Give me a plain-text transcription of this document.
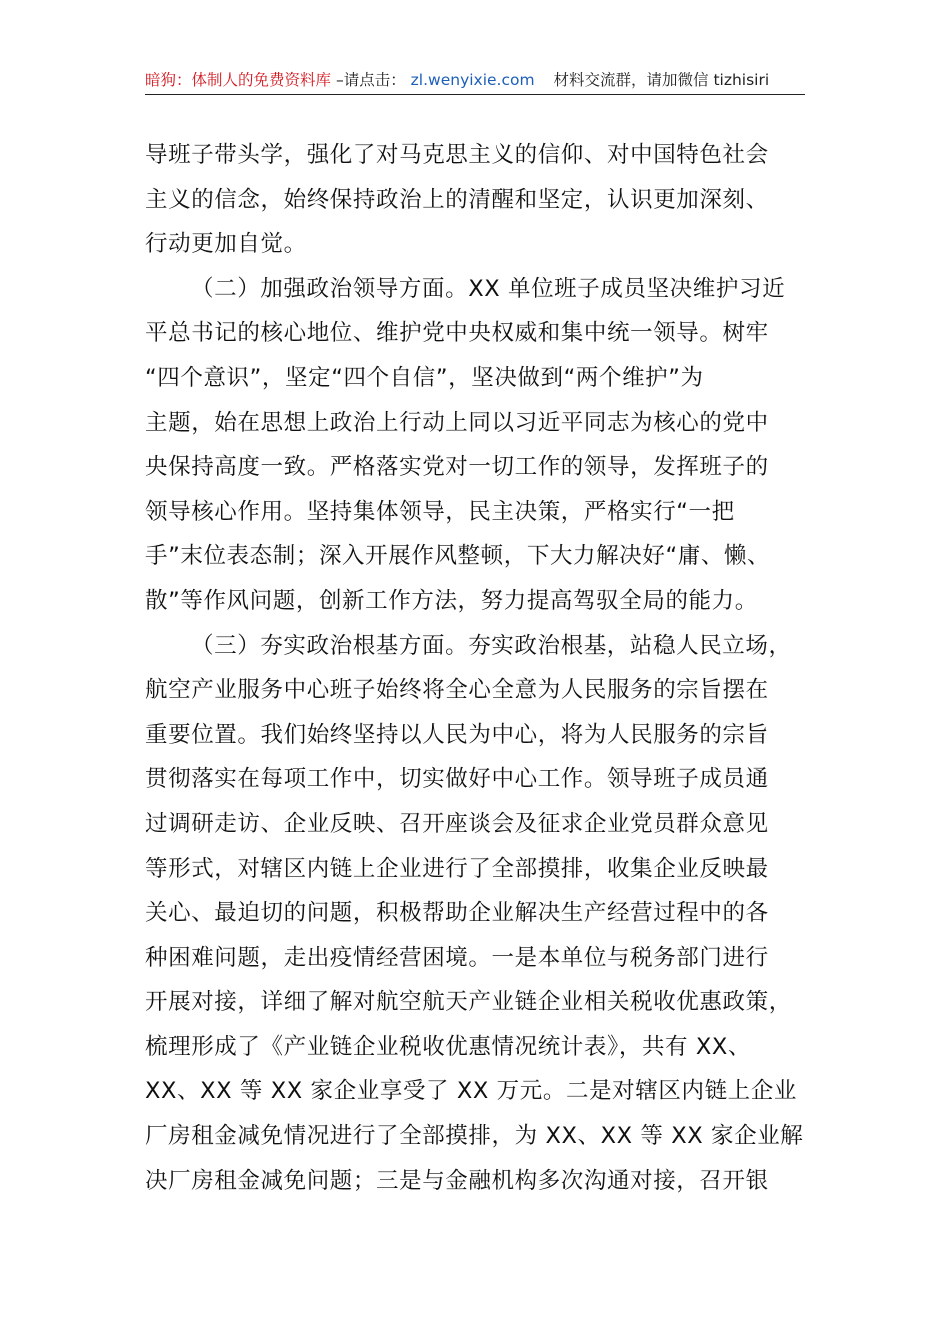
暗狗：体制人的免费资料库 –请点击： zl.wenyixie.com 材料交流群，请加微信 tizhisiri
导班子带头学，强化了对马克思主义的信仰、对中国特色社会
主义的信念，始终保持政治上的清醒和坚定，认识更加深刻、
行动更加自觉。
（二）加强政治领导方面。XX 单位班子成员坚决维护习近
平总书记的核心地位、维护党中央权威和集中统一领导。树牢
“四个意识”，坚定“四个自信”，坚决做到“两个维护”为
主题，始在思想上政治上行动上同以习近平同志为核心的党中
央保持高度一致。严格落实党对一切工作的领导，发挥班子的
领导核心作用。坚持集体领导，民主决策，严格实行“一把
手”末位表态制；深入开展作风整顿，下大力解决好“庸、懒、
散”等作风问题，创新工作方法，努力提高驾驭全局的能力。
（三）夯实政治根基方面。夯实政治根基，站稳人民立场，
航空产业服务中心班子始终将全心全意为人民服务的宗旨摆在
重要位置。我们始终坚持以人民为中心，将为人民服务的宗旨
贯彻落实在每项工作中，切实做好中心工作。领导班子成员通
过调研走访、企业反映、召开座谈会及征求企业党员群众意见
等形式，对辖区内链上企业进行了全部摸排，收集企业反映最
关心、最迫切的问题，积极帮助企业解决生产经营过程中的各
种困难问题，走出疫情经营困境。一是本单位与税务部门进行
开展对接，详细了解对航空航天产业链企业相关税收优惠政策，
梳理形成了《产业链企业税收优惠情况统计表》，共有 XX、
XX、XX 等 XX 家企业享受了 XX 万元。二是对辖区内链上企业
厂房租金减免情况进行了全部摸排，为 XX、XX 等 XX 家企业解
决厂房租金减免问题；三是与金融机构多次沟通对接，召开银
